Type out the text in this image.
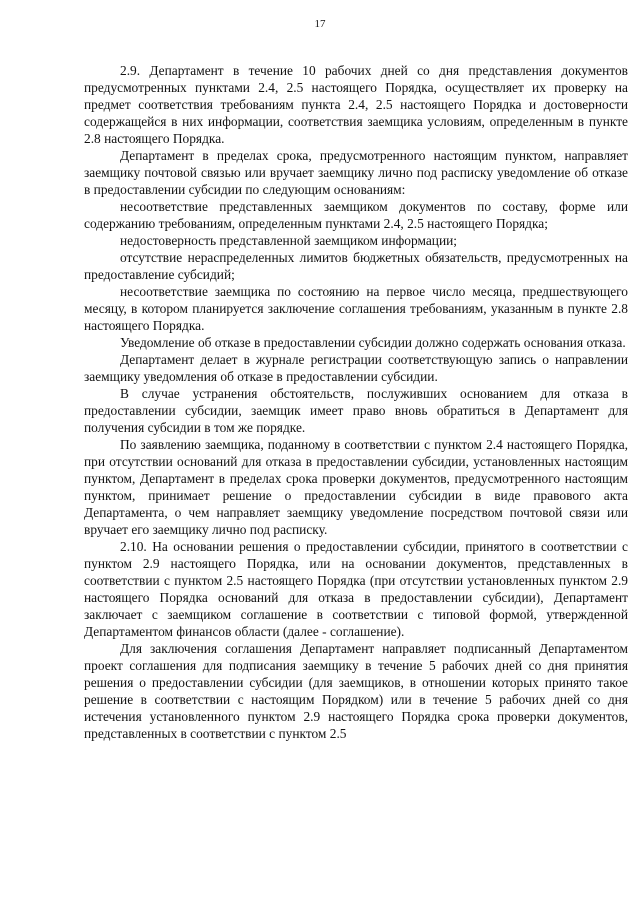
17

2.9. Департамент в течение 10 рабочих дней со дня представления документов предусмотренных пунктами 2.4, 2.5 настоящего Порядка, осуществляет их проверку на предмет соответствия требованиям пункта 2.4, 2.5 настоящего Порядка и достоверности содержащейся в них информации, соответствия заемщика условиям, определенным в пункте 2.8 настоящего Порядка.

Департамент в пределах срока, предусмотренного настоящим пунктом, направляет заемщику почтовой связью или вручает заемщику лично под расписку уведомление об отказе в предоставлении субсидии по следующим основаниям:

несоответствие представленных заемщиком документов по составу, форме или содержанию требованиям, определенным пунктами 2.4, 2.5 настоящего Порядка;

недостоверность представленной заемщиком информации;

отсутствие нераспределенных лимитов бюджетных обязательств, предусмотренных на предоставление субсидий;

несоответствие заемщика по состоянию на первое число месяца, предшествующего месяцу, в котором планируется заключение соглашения требованиям, указанным в пункте 2.8 настоящего Порядка.

Уведомление об отказе в предоставлении субсидии должно содержать основания отказа.

Департамент делает в журнале регистрации соответствующую запись о направлении заемщику уведомления об отказе в предоставлении субсидии.

В случае устранения обстоятельств, послуживших основанием для отказа в предоставлении субсидии, заемщик имеет право вновь обратиться в Департамент для получения субсидии в том же порядке.

По заявлению заемщика, поданному в соответствии с пунктом 2.4 настоящего Порядка, при отсутствии оснований для отказа в предоставлении субсидии, установленных настоящим пунктом, Департамент в пределах срока проверки документов, предусмотренного настоящим пунктом, принимает решение о предоставлении субсидии в виде правового акта Департамента, о чем направляет заемщику уведомление посредством почтовой связи или вручает его заемщику лично под расписку.

2.10. На основании решения о предоставлении субсидии, принятого в соответствии с пунктом 2.9 настоящего Порядка, или на основании документов, представленных в соответствии с пунктом 2.5 настоящего Порядка (при отсутствии установленных пунктом 2.9 настоящего Порядка оснований для отказа в предоставлении субсидии), Департамент заключает с заемщиком соглашение в соответствии с типовой формой, утвержденной Департаментом финансов области (далее - соглашение).

Для заключения соглашения Департамент направляет подписанный Департаментом проект соглашения для подписания заемщику в течение 5 рабочих дней со дня принятия решения о предоставлении субсидии (для заемщиков, в отношении которых принято такое решение в соответствии с настоящим Порядком) или в течение 5 рабочих дней со дня истечения установленного пунктом 2.9 настоящего Порядка срока проверки документов, представленных в соответствии с пунктом 2.5
